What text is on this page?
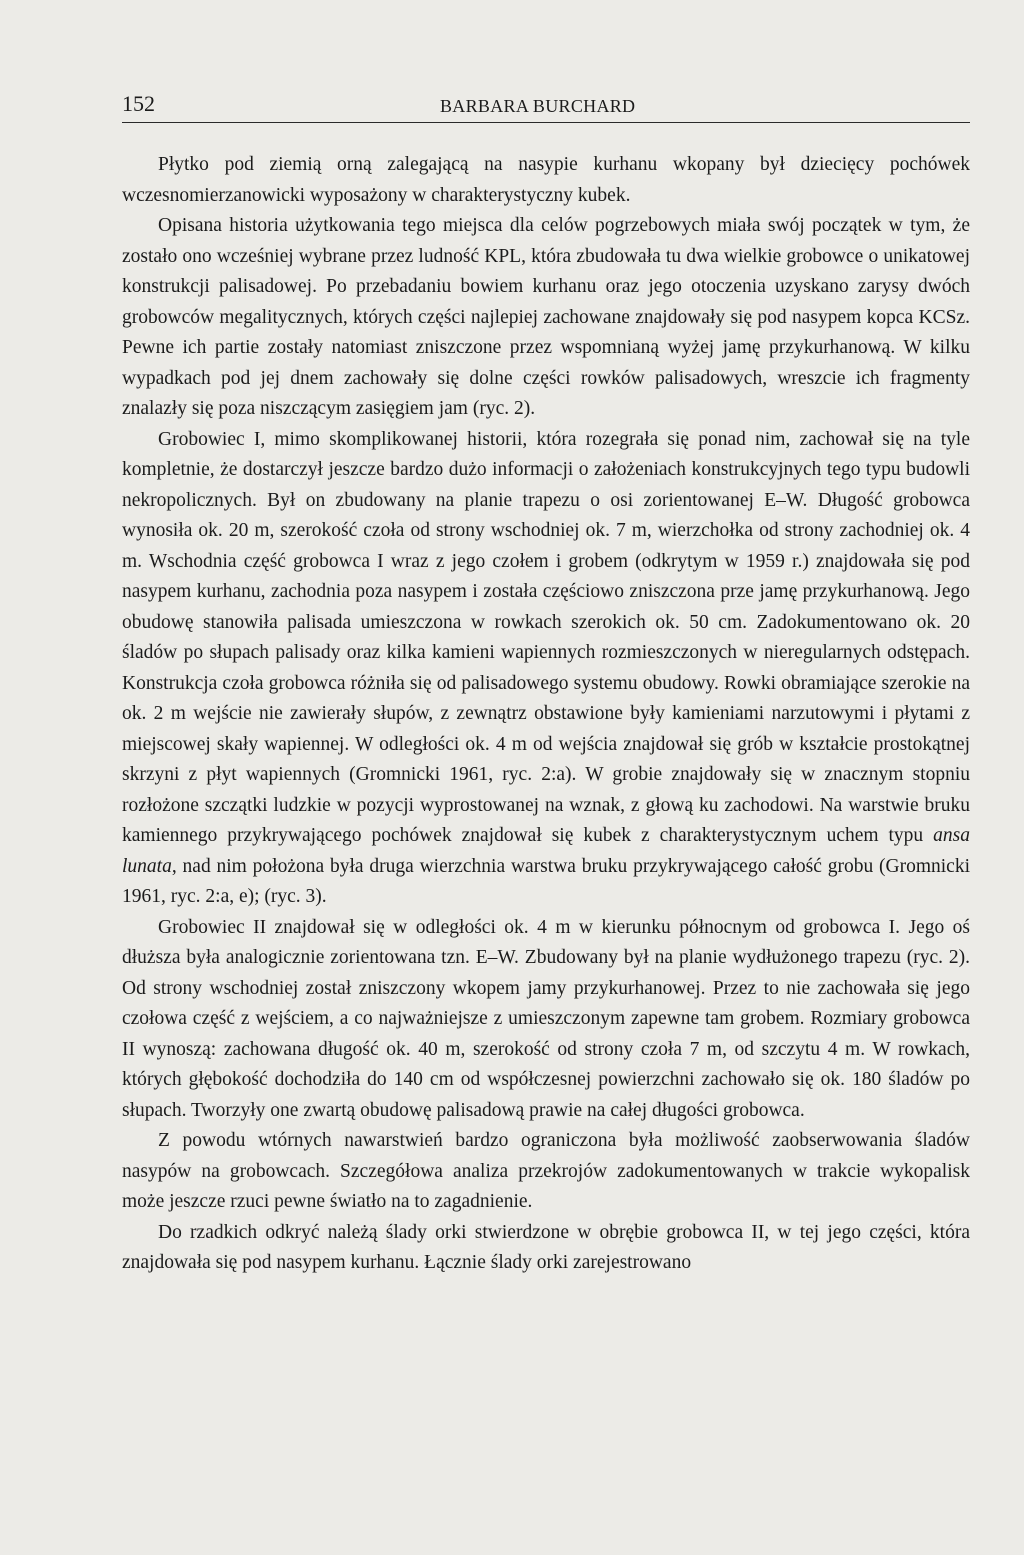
152	BARBARA BURCHARD

Płytko pod ziemią orną zalegającą na nasypie kurhanu wkopany był dziecięcy pochówek wczesnomierzanowicki wyposażony w charakterystyczny kubek.

Opisana historia użytkowania tego miejsca dla celów pogrzebowych miała swój początek w tym, że zostało ono wcześniej wybrane przez ludność KPL, która zbudowała tu dwa wielkie grobowce o unikatowej konstrukcji palisadowej. Po przebadaniu bowiem kurhanu oraz jego otoczenia uzyskano zarysy dwóch grobowców megalitycznych, których części najlepiej zachowane znajdowały się pod nasypem kopca KCSz. Pewne ich partie zostały natomiast zniszczone przez wspomnianą wyżej jamę przykurhanową. W kilku wypadkach pod jej dnem zachowały się dolne części rowków palisadowych, wreszcie ich fragmenty znalazły się poza niszczącym zasięgiem jam (ryc. 2).

Grobowiec I, mimo skomplikowanej historii, która rozegrała się ponad nim, zachował się na tyle kompletnie, że dostarczył jeszcze bardzo dużo informacji o założeniach konstrukcyjnych tego typu budowli nekropolicznych. Był on zbudowany na planie trapezu o osi zorientowanej E–W. Długość grobowca wynosiła ok. 20 m, szerokość czoła od strony wschodniej ok. 7 m, wierzchołka od strony zachodniej ok. 4 m. Wschodnia część grobowca I wraz z jego czołem i grobem (odkrytym w 1959 r.) znajdowała się pod nasypem kurhanu, zachodnia poza nasypem i została częściowo zniszczona prze jamę przykurhanową. Jego obudowę stanowiła palisada umieszczona w rowkach szerokich ok. 50 cm. Zadokumentowano ok. 20 śladów po słupach palisady oraz kilka kamieni wapiennych rozmieszczonych w nieregularnych odstępach. Konstrukcja czoła grobowca różniła się od palisadowego systemu obudowy. Rowki obramiające szerokie na ok. 2 m wejście nie zawierały słupów, z zewnątrz obstawione były kamieniami narzutowymi i płytami z miejscowej skały wapiennej. W odległości ok. 4 m od wejścia znajdował się grób w kształcie prostokątnej skrzyni z płyt wapiennych (Gromnicki 1961, ryc. 2:a). W grobie znajdowały się w znacznym stopniu rozłożone szczątki ludzkie w pozycji wyprostowanej na wznak, z głową ku zachodowi. Na warstwie bruku kamiennego przykrywającego pochówek znajdował się kubek z charakterystycznym uchem typu ansa lunata, nad nim położona była druga wierzchnia warstwa bruku przykrywającego całość grobu (Gromnicki 1961, ryc. 2:a, e); (ryc. 3).

Grobowiec II znajdował się w odległości ok. 4 m w kierunku północnym od grobowca I. Jego oś dłuższa była analogicznie zorientowana tzn. E–W. Zbudowany był na planie wydłużonego trapezu (ryc. 2). Od strony wschodniej został zniszczony wkopem jamy przykurhanowej. Przez to nie zachowała się jego czołowa część z wejściem, a co najważniejsze z umieszczonym zapewne tam grobem. Rozmiary grobowca II wynoszą: zachowana długość ok. 40 m, szerokość od strony czoła 7 m, od szczytu 4 m. W rowkach, których głębokość dochodziła do 140 cm od współczesnej powierzchni zachowało się ok. 180 śladów po słupach. Tworzyły one zwartą obudowę palisadową prawie na całej długości grobowca.

Z powodu wtórnych nawarstwień bardzo ograniczona była możliwość zaobserwowania śladów nasypów na grobowcach. Szczegółowa analiza przekrojów zadokumentowanych w trakcie wykopalisk może jeszcze rzuci pewne światło na to zagadnienie.

Do rzadkich odkryć należą ślady orki stwierdzone w obrębie grobowca II, w tej jego części, która znajdowała się pod nasypem kurhanu. Łącznie ślady orki zarejestrowano
